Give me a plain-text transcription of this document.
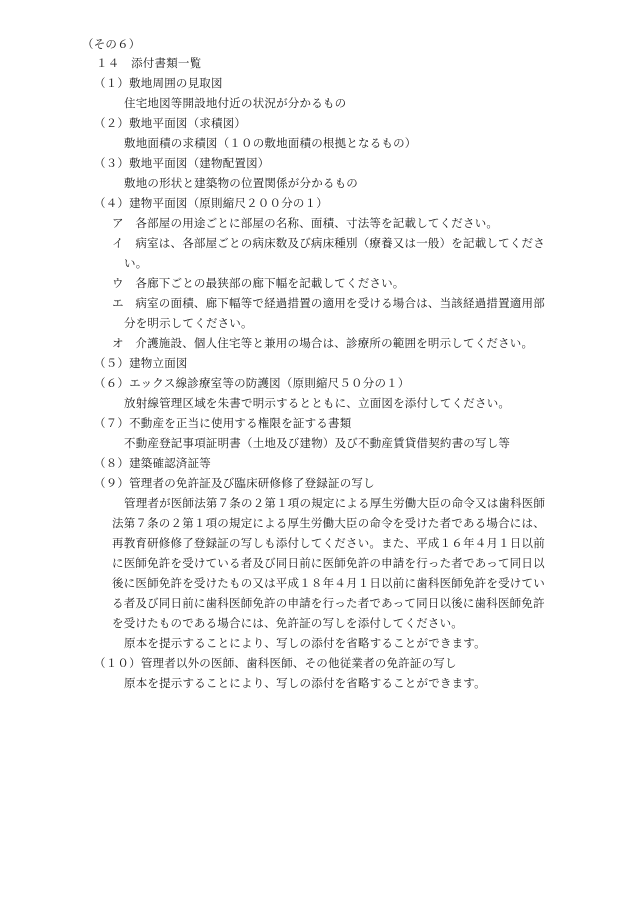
（その６）
１４　添付書類一覧
（１）敷地周囲の見取図
住宅地図等開設地付近の状況が分かるもの
（２）敷地平面図（求積図）
敷地面積の求積図（１０の敷地面積の根拠となるもの）
（３）敷地平面図（建物配置図）
敷地の形状と建築物の位置関係が分かるもの
（４）建物平面図（原則縮尺２００分の１）
ア　各部屋の用途ごとに部屋の名称、面積、寸法等を記載してください。
イ　病室は、各部屋ごとの病床数及び病床種別（療養又は一般）を記載してくださ
い。
ウ　各廊下ごとの最狭部の廊下幅を記載してください。
エ　病室の面積、廊下幅等で経過措置の適用を受ける場合は、当該経過措置適用部
分を明示してください。
オ　介護施設、個人住宅等と兼用の場合は、診療所の範囲を明示してください。
（５）建物立面図
（６）エックス線診療室等の防護図（原則縮尺５０分の１）
放射線管理区域を朱書で明示するとともに、立面図を添付してください。
（７）不動産を正当に使用する権限を証する書類
不動産登記事項証明書（土地及び建物）及び不動産賃貸借契約書の写し等
（８）建築確認済証等
（９）管理者の免許証及び臨床研修修了登録証の写し
管理者が医師法第７条の２第１項の規定による厚生労働大臣の命令又は歯科医師
法第７条の２第１項の規定による厚生労働大臣の命令を受けた者である場合には、
再教育研修修了登録証の写しも添付してください。また、平成１６年４月１日以前
に医師免許を受けている者及び同日前に医師免許の申請を行った者であって同日以
後に医師免許を受けたもの又は平成１８年４月１日以前に歯科医師免許を受けてい
る者及び同日前に歯科医師免許の申請を行った者であって同日以後に歯科医師免許
を受けたものである場合には、免許証の写しを添付してください。
原本を提示することにより、写しの添付を省略することができます。
（１０）管理者以外の医師、歯科医師、その他従業者の免許証の写し
原本を提示することにより、写しの添付を省略することができます。
